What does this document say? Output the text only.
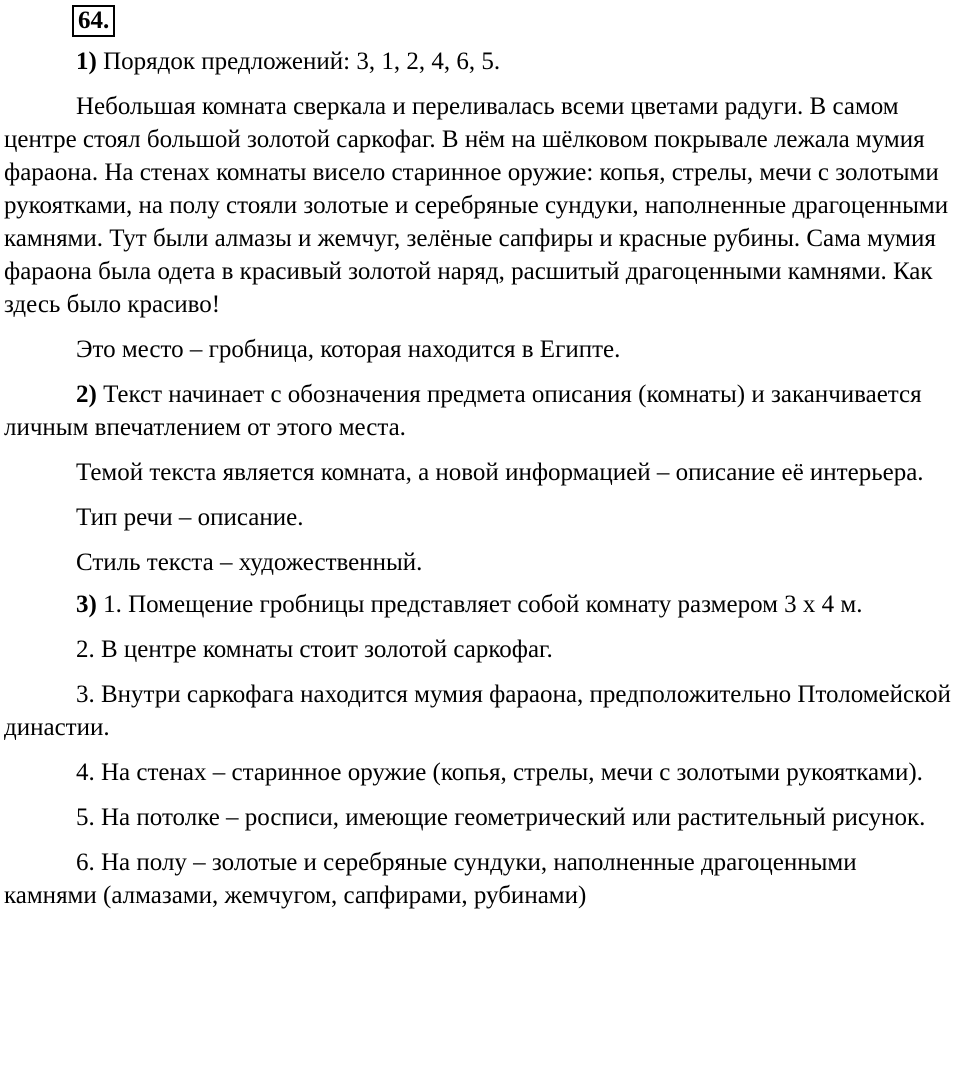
64.

1) Порядок предложений: 3, 1, 2, 4, 6, 5.

Небольшая комната сверкала и переливалась всеми цветами радуги. В самом центре стоял большой золотой саркофаг. В нём на шёлковом покрывале лежала мумия фараона. На стенах комнаты висело старинное оружие: копья, стрелы, мечи с золотыми рукоятками, на полу стояли золотые и серебряные сундуки, наполненные драгоценными камнями. Тут были алмазы и жемчуг, зелёные сапфиры и красные рубины. Сама мумия фараона была одета в красивый золотой наряд, расшитый драгоценными камнями. Как здесь было красиво!

Это место – гробница, которая находится в Египте.

2) Текст начинает с обозначения предмета описания (комнаты) и заканчивается личным впечатлением от этого места.

Темой текста является комната, а новой информацией – описание её интерьера.

Тип речи – описание.

Стиль текста – художественный.

3) 1. Помещение гробницы представляет собой комнату размером 3 х 4 м.

2. В центре комнаты стоит золотой саркофаг.

3. Внутри саркофага находится мумия фараона, предположительно Птоломейской династии.

4. На стенах – старинное оружие (копья, стрелы, мечи с золотыми рукоятками).

5. На потолке – росписи, имеющие геометрический или растительный рисунок.

6. На полу – золотые и серебряные сундуки, наполненные драгоценными камнями (алмазами, жемчугом, сапфирами, рубинами)
